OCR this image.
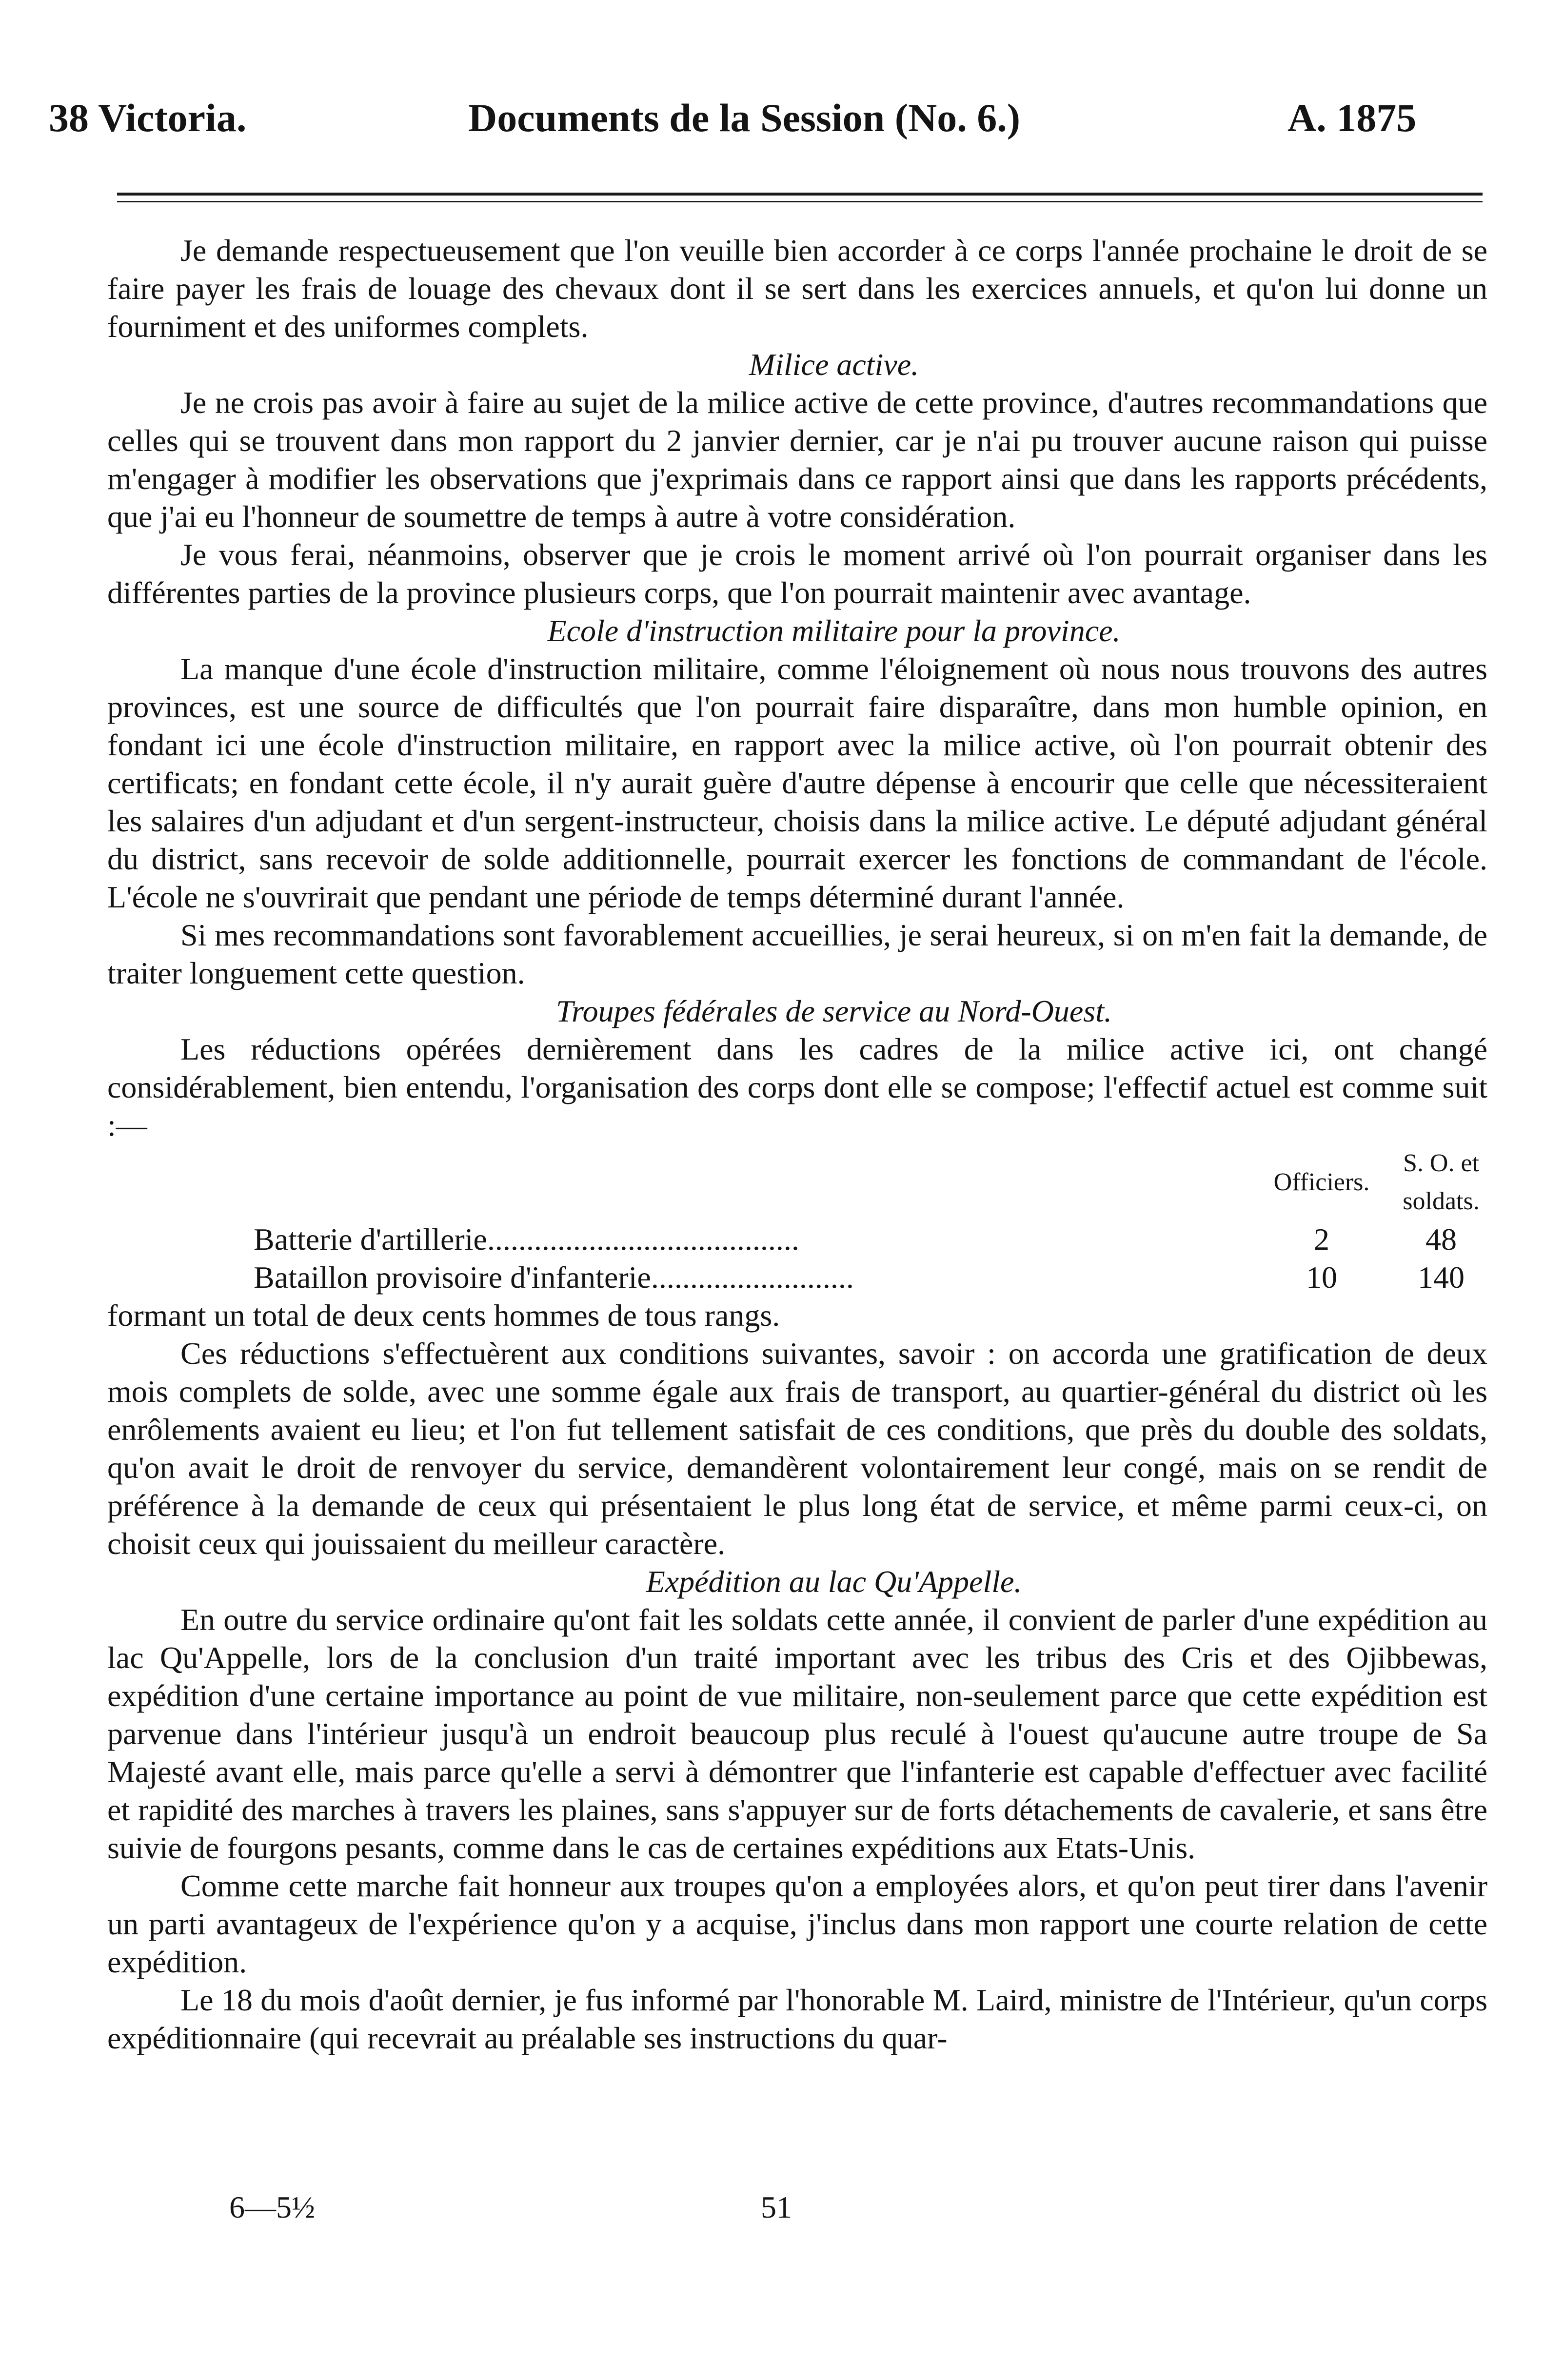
38 Victoria.	Documents de la Session (No. 6.)	A. 1875

Je demande respectueusement que l'on veuille bien accorder à ce corps l'année prochaine le droit de se faire payer les frais de louage des chevaux dont il se sert dans les exercices annuels, et qu'on lui donne un fourniment et des uniformes complets.

Milice active.

Je ne crois pas avoir à faire au sujet de la milice active de cette province, d'autres recommandations que celles qui se trouvent dans mon rapport du 2 janvier dernier, car je n'ai pu trouver aucune raison qui puisse m'engager à modifier les observations que j'exprimais dans ce rapport ainsi que dans les rapports précédents, que j'ai eu l'honneur de soumettre de temps à autre à votre considération.

Je vous ferai, néanmoins, observer que je crois le moment arrivé où l'on pourrait organiser dans les différentes parties de la province plusieurs corps, que l'on pourrait maintenir avec avantage.

Ecole d'instruction militaire pour la province.

La manque d'une école d'instruction militaire, comme l'éloignement où nous nous trouvons des autres provinces, est une source de difficultés que l'on pourrait faire disparaître, dans mon humble opinion, en fondant ici une école d'instruction militaire, en rapport avec la milice active, où l'on pourrait obtenir des certificats; en fondant cette école, il n'y aurait guère d'autre dépense à encourir que celle que nécessiteraient les salaires d'un adjudant et d'un sergent-instructeur, choisis dans la milice active. Le député adjudant général du district, sans recevoir de solde additionnelle, pourrait exercer les fonctions de commandant de l'école. L'école ne s'ouvrirait que pendant une période de temps déterminé durant l'année.

Si mes recommandations sont favorablement accueillies, je serai heureux, si on m'en fait la demande, de traiter longuement cette question.

Troupes fédérales de service au Nord-Ouest.

Les réductions opérées dernièrement dans les cadres de la milice active ici, ont changé considérablement, bien entendu, l'organisation des corps dont elle se compose; l'effectif actuel est comme suit :—

	Officiers.	S. O. et soldats.
Batterie d'artillerie........................................	2	48
Bataillon provisoire d'infanterie..........................	10	140

formant un total de deux cents hommes de tous rangs.

Ces réductions s'effectuèrent aux conditions suivantes, savoir : on accorda une gratification de deux mois complets de solde, avec une somme égale aux frais de transport, au quartier-général du district où les enrôlements avaient eu lieu; et l'on fut tellement satisfait de ces conditions, que près du double des soldats, qu'on avait le droit de renvoyer du service, demandèrent volontairement leur congé, mais on se rendit de préférence à la demande de ceux qui présentaient le plus long état de service, et même parmi ceux-ci, on choisit ceux qui jouissaient du meilleur caractère.

Expédition au lac Qu'Appelle.

En outre du service ordinaire qu'ont fait les soldats cette année, il convient de parler d'une expédition au lac Qu'Appelle, lors de la conclusion d'un traité important avec les tribus des Cris et des Ojibbewas, expédition d'une certaine importance au point de vue militaire, non-seulement parce que cette expédition est parvenue dans l'intérieur jusqu'à un endroit beaucoup plus reculé à l'ouest qu'aucune autre troupe de Sa Majesté avant elle, mais parce qu'elle a servi à démontrer que l'infanterie est capable d'effectuer avec facilité et rapidité des marches à travers les plaines, sans s'appuyer sur de forts détachements de cavalerie, et sans être suivie de fourgons pesants, comme dans le cas de certaines expéditions aux Etats-Unis.

Comme cette marche fait honneur aux troupes qu'on a employées alors, et qu'on peut tirer dans l'avenir un parti avantageux de l'expérience qu'on y a acquise, j'inclus dans mon rapport une courte relation de cette expédition.

Le 18 du mois d'août dernier, je fus informé par l'honorable M. Laird, ministre de l'Intérieur, qu'un corps expéditionnaire (qui recevrait au préalable ses instructions du quar-

6—5½	51
